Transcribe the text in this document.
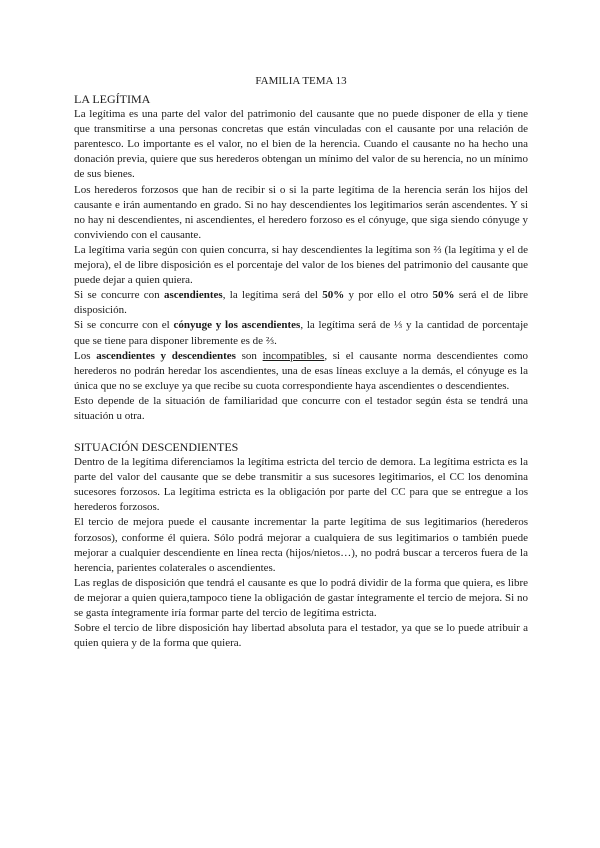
FAMILIA TEMA 13
LA LEGÍTIMA

La legítima es una parte del valor del patrimonio del causante que no puede disponer de ella y tiene que transmitirse a una personas concretas que están vinculadas con el causante por una relación de parentesco. Lo importante es el valor, no el bien de la herencia. Cuando el causante no ha hecho una donación previa, quiere que sus herederos obtengan un mínimo del valor de su herencia, no un mínimo de sus bienes.

Los herederos forzosos que han de recibir si o si la parte legítima de la herencia serán los hijos del causante e irán aumentando en grado. Si no hay descendientes los legitimarios serán ascendentes. Y si no hay ni descendientes, ni ascendientes, el heredero forzoso es el cónyuge, que siga siendo cónyuge y conviviendo con el causante.

La legítima varia según con quien concurra, si hay descendientes la legítima son ⅔ (la legítima y el de mejora), el de libre disposición es el porcentaje del valor de los bienes del patrimonio del causante que puede dejar a quien quiera.

Si se concurre con ascendientes, la legítima será del 50% y por ello el otro 50% será el de libre disposición.

Si se concurre con el cónyuge y los ascendientes, la legítima será de ⅓ y la cantidad de porcentaje que se tiene para disponer libremente es de ⅔.

Los ascendientes y descendientes son incompatibles, si el causante norma descendientes como herederos no podrán heredar los ascendientes, una de esas líneas excluye a la demás, el cónyuge es la única que no se excluye ya que recibe su cuota correspondiente haya ascendientes o descendientes.

Esto depende de la situación de familiaridad que concurre con el testador según ésta se tendrá una situación u otra.

SITUACIÓN DESCENDIENTES

Dentro de la legítima diferenciamos la legítima estricta del tercio de demora. La legítima estricta es la parte del valor del causante que se debe transmitir a sus sucesores legitimarios, el CC los denomina sucesores forzosos. La legítima estricta es la obligación por parte del CC para que se entregue a los herederos forzosos.

El tercio de mejora puede el causante incrementar la parte legítima de sus legitimarios (herederos forzosos), conforme él quiera. Sólo podrá mejorar a cualquiera de sus legitimarios o también puede mejorar a cualquier descendiente en línea recta (hijos/nietos…), no podrá buscar a terceros fuera de la herencia, parientes colaterales o ascendientes.

Las reglas de disposición que tendrá el causante es que lo podrá dividir de la forma que quiera, es libre de mejorar a quien quiera,tampoco tiene la obligación de gastar íntegramente el tercio de mejora. Si no se gasta íntegramente iría formar parte del tercio de legítima estricta.

Sobre el tercio de libre disposición hay libertad absoluta para el testador, ya que se lo puede atribuir a quien quiera y de la forma que quiera.
